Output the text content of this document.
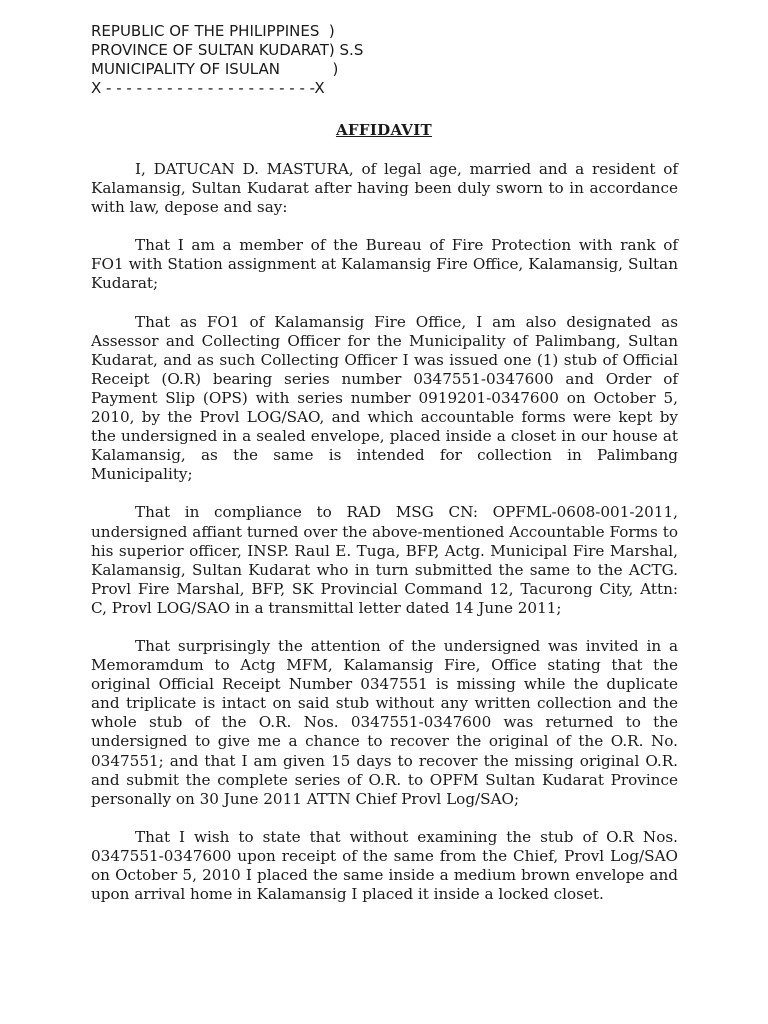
REPUBLIC OF THE PHILIPPINES  )

PROVINCE OF SULTAN KUDARAT) S.S

MUNICIPALITY OF ISULAN           )

X - - - - - - - - - - - - - - - - - - - - -X

AFFIDAVIT

I, DATUCAN D. MASTURA, of legal age, married and a resident of Kalamansig, Sultan Kudarat after having been duly sworn to in accordance with law, depose and say:

That I am a member of the Bureau of Fire Protection with rank of FO1 with Station assignment at Kalamansig Fire Office, Kalamansig, Sultan Kudarat;

That as FO1 of Kalamansig Fire Office, I am also designated as Assessor and Collecting Officer for the Municipality of Palimbang, Sultan Kudarat, and as such Collecting Officer I was issued one (1) stub of Official Receipt (O.R) bearing series number 0347551-0347600 and Order of Payment Slip (OPS) with series number 0919201-0347600 on October 5, 2010, by the Provl LOG/SAO, and which accountable forms were kept by the undersigned in a sealed envelope, placed inside a closet in our house at Kalamansig, as the same is intended for collection in Palimbang Municipality;

That in compliance to RAD MSG CN: OPFML-0608-001-2011, undersigned affiant turned over the above-mentioned Accountable Forms to his superior officer, INSP. Raul E. Tuga, BFP, Actg. Municipal Fire Marshal, Kalamansig, Sultan Kudarat who in turn submitted the same to the ACTG. Provl Fire Marshal, BFP, SK Provincial Command 12, Tacurong City, Attn: C, Provl LOG/SAO in a transmittal letter dated 14 June 2011;

That surprisingly the attention of the undersigned was invited in a Memoramdum to Actg MFM, Kalamansig Fire, Office stating that the original Official Receipt Number 0347551 is missing while the duplicate and triplicate is intact on said stub without any written collection and the whole stub of the O.R. Nos. 0347551-0347600 was returned to the undersigned to give me a chance to recover the original of the O.R. No. 0347551; and that I am given 15 days to recover the missing original O.R. and submit the complete series of O.R. to OPFM Sultan Kudarat Province personally on 30 June 2011 ATTN Chief Provl Log/SAO;

That I wish to state that without examining the stub of O.R Nos. 0347551-0347600 upon receipt of the same from the Chief, Provl Log/SAO on October 5, 2010 I placed the same inside a medium brown envelope and upon arrival home in Kalamansig I placed it inside a locked closet.
